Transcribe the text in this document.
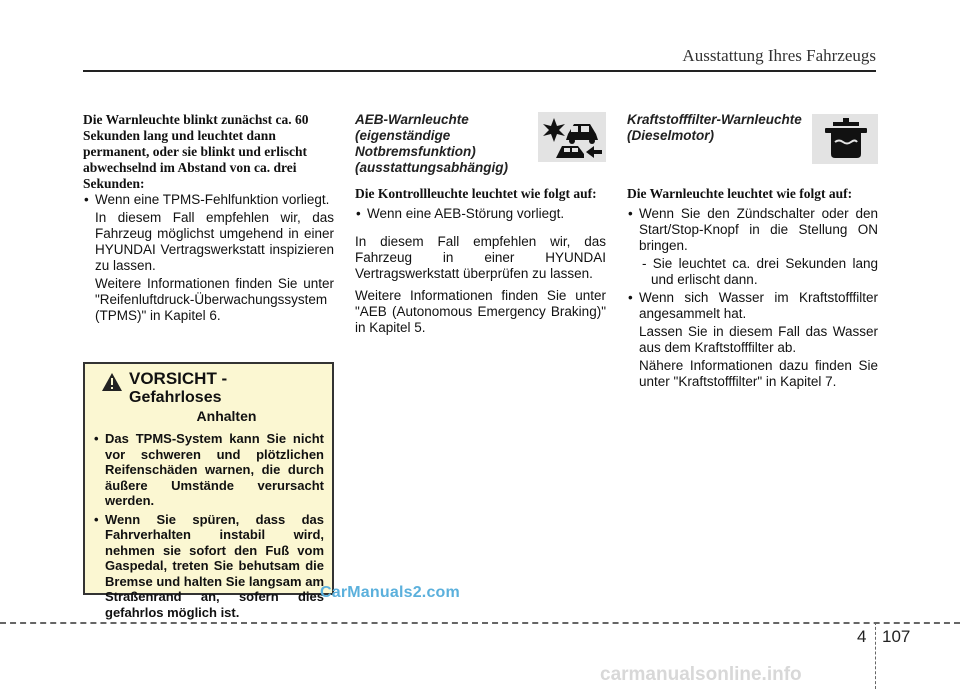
Ausstattung Ihres Fahrzeugs
Die Warnleuchte blinkt zunächst ca. 60
Sekunden lang und leuchtet dann
permanent, oder sie blinkt und erlischt
abwechselnd im Abstand von ca. drei
Sekunden:
• Wenn eine TPMS-Fehlfunktion vorliegt.
In diesem Fall empfehlen wir, das Fahrzeug möglichst umgehend in einer HYUNDAI Vertragswerkstatt inspizieren zu lassen.
Weitere Informationen finden Sie unter "Reifenluftdruck-Überwachungssystem (TPMS)" in Kapitel 6.
VORSICHT - Gefahrloses
Anhalten
• Das TPMS-System kann Sie nicht vor schweren und plötzlichen Reifenschäden warnen, die durch äußere Umstände verursacht werden.
• Wenn Sie spüren, dass das Fahrverhalten instabil wird, nehmen sie sofort den Fuß vom Gaspedal, treten Sie behutsam die Bremse und halten Sie langsam am Straßenrand an, sofern dies gefahrlos möglich ist.
AEB-Warnleuchte
(eigenständige
Notbremsfunktion)
(ausstattungsabhängig)
Die Kontrollleuchte leuchtet wie folgt auf:
• Wenn eine AEB-Störung vorliegt.
In diesem Fall empfehlen wir, das Fahrzeug in einer HYUNDAI Vertragswerkstatt überprüfen zu lassen.
Weitere Informationen finden Sie unter "AEB (Autonomous Emergency Braking)" in Kapitel 5.
Kraftstofffilter-Warnleuchte
(Dieselmotor)
Die Warnleuchte leuchtet wie folgt auf:
• Wenn Sie den Zündschalter oder den Start/Stop-Knopf in die Stellung ON bringen.
- Sie leuchtet ca. drei Sekunden lang und erlischt dann.
• Wenn sich Wasser im Kraftstofffilter angesammelt hat.
Lassen Sie in diesem Fall das Wasser aus dem Kraftstofffilter ab.
Nähere Informationen dazu finden Sie unter "Kraftstofffilter" in Kapitel 7.
CarManuals2.com
4 107
carmanualsonline.info
